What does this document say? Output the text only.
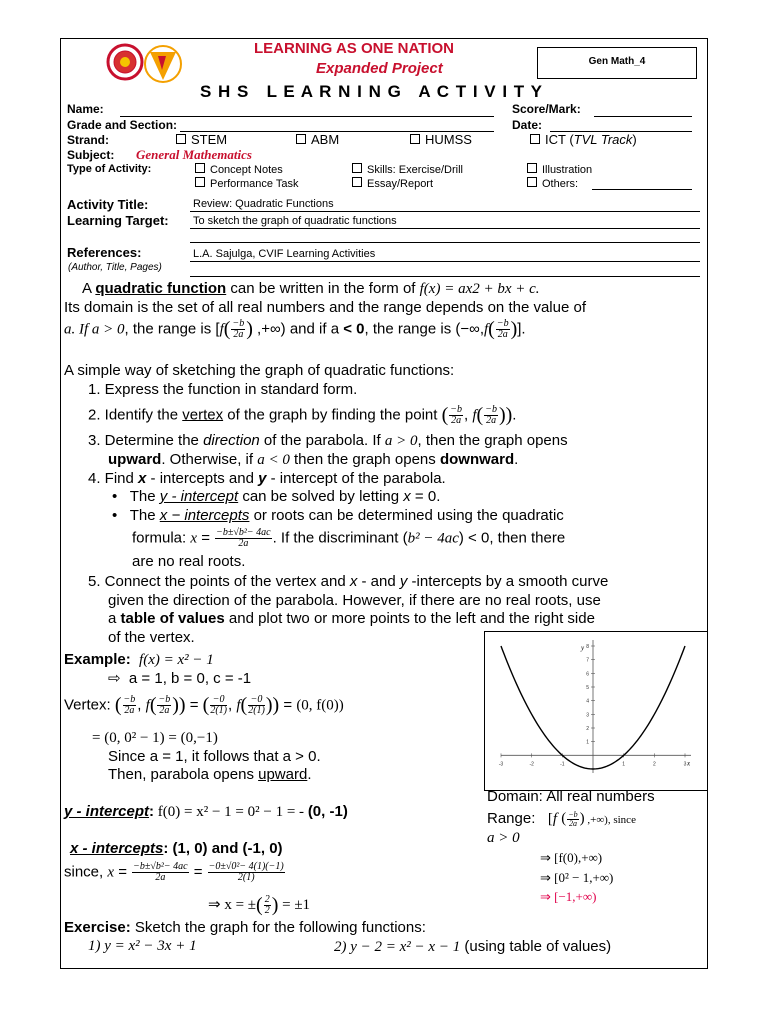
LEARNING AS ONE NATION
Expanded Project
S H S   L E A R N I N G   A C T I V I T Y
Gen Math_4
Name:	Score/Mark:
Grade and Section:	Date:
Strand:	STEM	ABM	HUMSS	ICT (TVL Track)
Subject: General Mathematics
Type of Activity:	Concept Notes	Skills: Exercise/Drill	Illustration
Performance Task	Essay/Report	Others:
Activity Title:	Review: Quadratic Functions
Learning Target: To sketch the graph of quadratic functions
References:
(Author, Title, Pages)
L.A. Sajulga, CVIF Learning Activities
A quadratic function can be written in the form of f(x) = ax2 + bx + c.
Its domain is the set of all real numbers and the range depends on the value of
a. If a > 0, the range is [$f( \frac{-b}{2a}$ ) ,+∞) and if a < 0, the range is ($-\infty,f( \frac{-b}{2a}$ )].
A simple way of sketching the graph of quadratic functions:
1. Express the function in standard form.
2. Identify the vertex of the graph by finding the point ( $\frac{-b}{2a}$ , $f( \frac{-b}{2a}$ )).
3. Determine the direction of the parabola. If a > 0, then the graph opens
upward. Otherwise, if a < 0 then the graph opens downward.
4. Find x - intercepts and y - intercept of the parabola.
•   The y - intercept can be solved by letting x = 0.
•   The x − intercepts or roots can be determined using the quadratic
formula: $x = \frac{\text{−b±√b²− 4ac}}{2a}$ . If the discriminant (b² − 4ac) < 0, then there
are no real roots.
5. Connect the points of the vertex and x - and y -intercepts by a smooth curve
given the direction of the parabola. However, if there are no real roots, use
a table of values and plot two or more points to the left and the right side
of the vertex.
Example: f(x) = x² − 1
⇨ a = 1, b = 0, c = -1
Vertex: ( $\frac{-b}{2a}$ , $f( \frac{-b}{2a}$ )) = ( $\frac{-0}{2(1)}$ , $f( \frac{-0}{2(1)}$ )) = (0, f(0))
= (0, 0² − 1) = (0,−1)
Since a = 1, it follows that a > 0.
Then, parabola opens upward.
y - intercept: f(0) = x² − 1 = 0² − 1 = - (0, -1)
x - intercepts: (1, 0) and (-1, 0)
since, $x = \frac{\text{−b±√b²− 4ac}}{2a} = \frac{\text{−0±√0²− 4(1)(−1)}}{2(1)}$
⇒ x = ±( $\frac{2}{2}$ ) = ±1
-3	-2	-1	1	2	3
1
2
3
4
5
6
7
8
x
y
Domain: All real numbers
Range: [f ( $\frac{-b}{2a}$ ) ,+∞), since
a > 0
⇒ [f(0),+∞)
⇒ [0² − 1,+∞)
⇒ [−1,+∞)
Exercise: Sketch the graph for the following functions:
1) y = x² − 3x + 1	2) y − 2 = x² − x − 1 (using table of values)
